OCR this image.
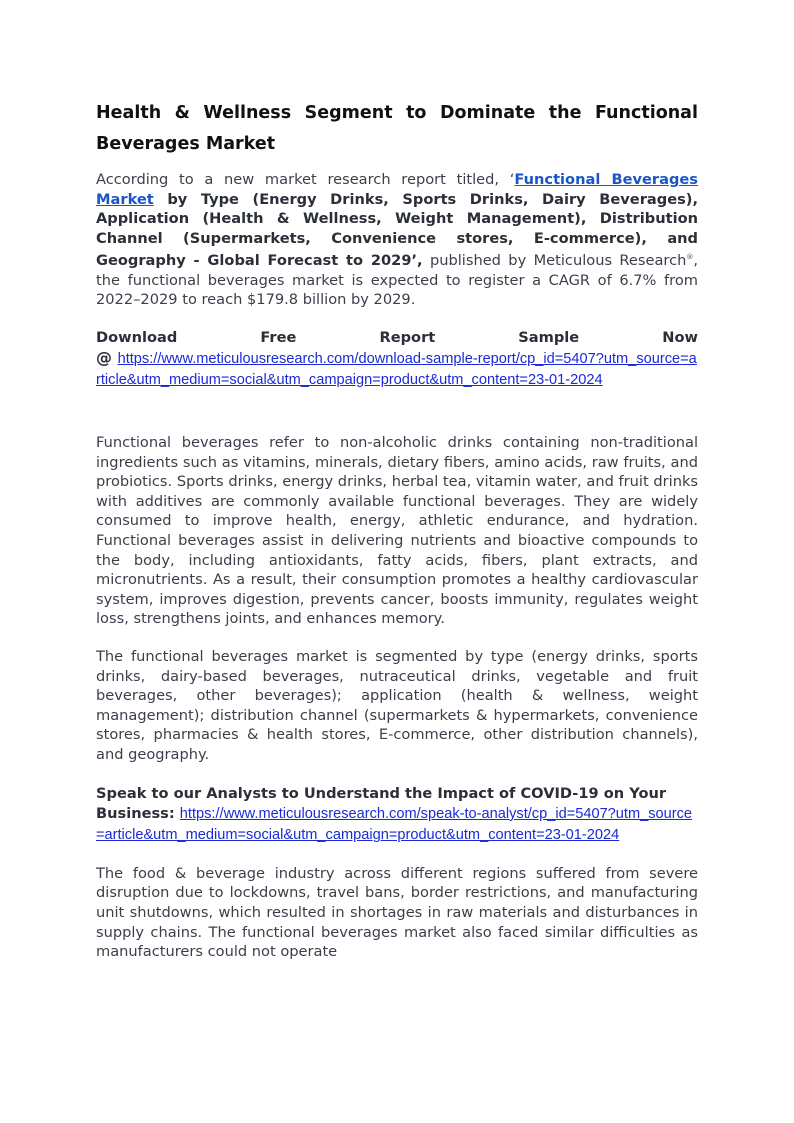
Health & Wellness Segment to Dominate the Functional Beverages Market

According to a new market research report titled, ‘Functional Beverages Market by Type (Energy Drinks, Sports Drinks, Dairy Beverages), Application (Health & Wellness, Weight Management), Distribution Channel (Supermarkets, Convenience stores, E-commerce), and Geography - Global Forecast to 2029’, published by Meticulous Research®, the functional beverages market is expected to register a CAGR of 6.7% from 2022–2029 to reach $179.8 billion by 2029.

Download	Free	Report	Sample	Now
@ https://www.meticulousresearch.com/download-sample-report/cp_id=5407?utm_source=article&utm_medium=social&utm_campaign=product&utm_content=23-01-2024

Functional beverages refer to non-alcoholic drinks containing non-traditional ingredients such as vitamins, minerals, dietary fibers, amino acids, raw fruits, and probiotics. Sports drinks, energy drinks, herbal tea, vitamin water, and fruit drinks with additives are commonly available functional beverages. They are widely consumed to improve health, energy, athletic endurance, and hydration. Functional beverages assist in delivering nutrients and bioactive compounds to the body, including antioxidants, fatty acids, fibers, plant extracts, and micronutrients. As a result, their consumption promotes a healthy cardiovascular system, improves digestion, prevents cancer, boosts immunity, regulates weight loss, strengthens joints, and enhances memory.

The functional beverages market is segmented by type (energy drinks, sports drinks, dairy-based beverages, nutraceutical drinks, vegetable and fruit beverages, other beverages); application (health & wellness, weight management); distribution channel (supermarkets & hypermarkets, convenience stores, pharmacies & health stores, E-commerce, other distribution channels), and geography.

Speak to our Analysts to Understand the Impact of COVID-19 on Your Business: https://www.meticulousresearch.com/speak-to-analyst/cp_id=5407?utm_source=article&utm_medium=social&utm_campaign=product&utm_content=23-01-2024

The food & beverage industry across different regions suffered from severe disruption due to lockdowns, travel bans, border restrictions, and manufacturing unit shutdowns, which resulted in shortages in raw materials and disturbances in supply chains. The functional beverages market also faced similar difficulties as manufacturers could not operate
